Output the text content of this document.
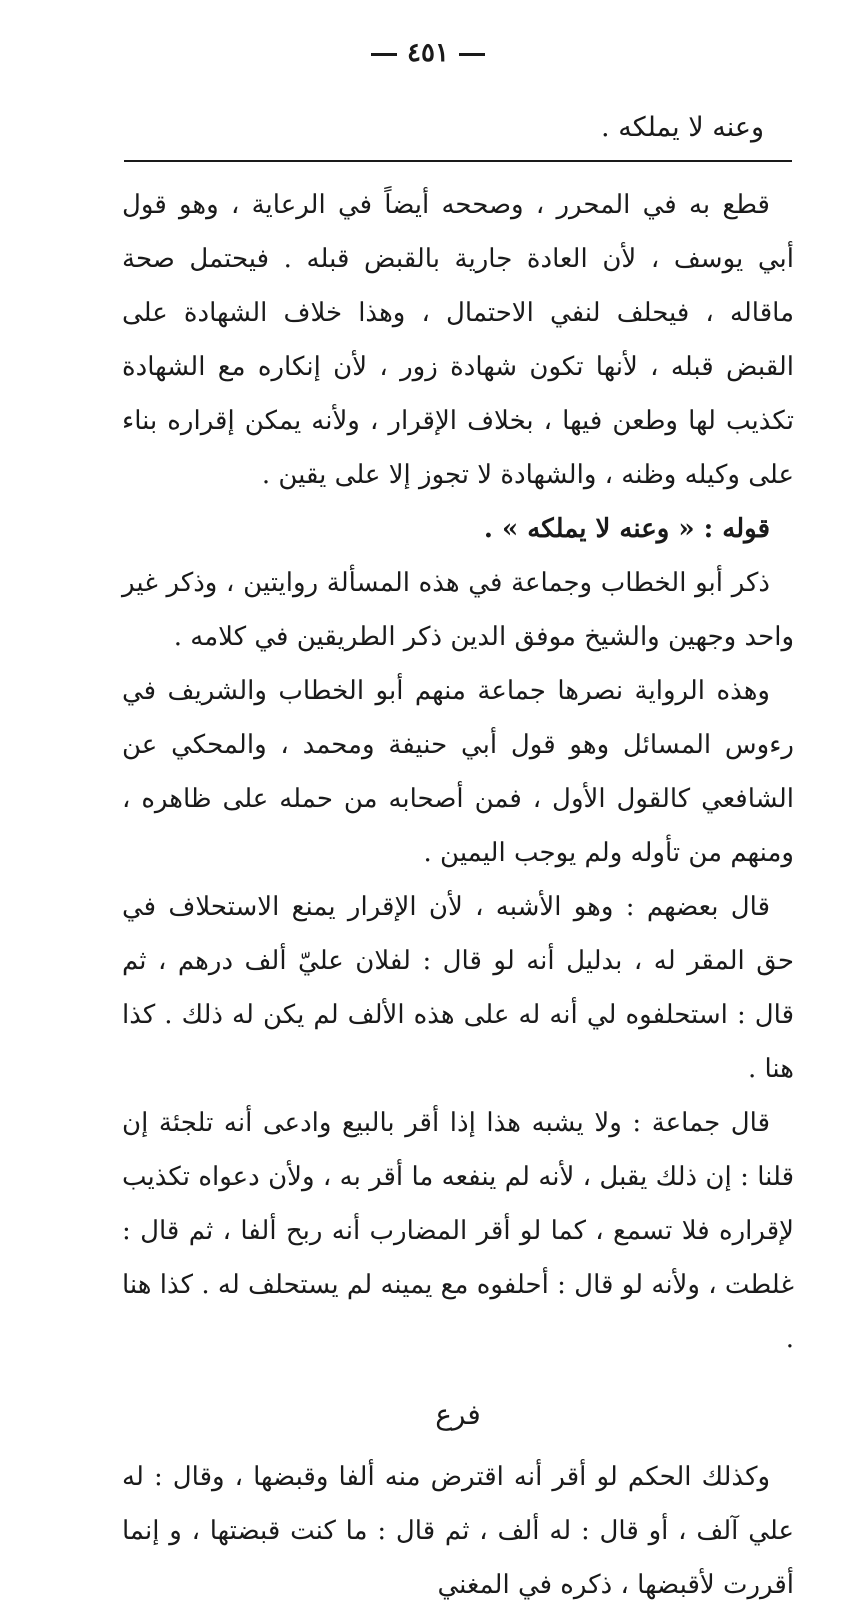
٤٥١
وعنه لا يملكه .

قطع به في المحرر ، وصححه أيضاً في الرعاية ، وهو قول أبي يوسف ، لأن العادة جارية بالقبض قبله . فيحتمل صحة ماقاله ، فيحلف لنفي الاحتمال ، وهذا خلاف الشهادة على القبض قبله ، لأنها تكون شهادة زور ، لأن إنكاره مع الشهادة تكذيب لها وطعن فيها ، بخلاف الإقرار ، ولأنه يمكن إقراره بناء على وكيله وظنه ، والشهادة لا تجوز إلا على يقين .

قوله : « وعنه لا يملكه » .

ذكر أبو الخطاب وجماعة في هذه المسألة روايتين ، وذكر غير واحد وجهين والشيخ موفق الدين ذكر الطريقين في كلامه .

وهذه الرواية نصرها جماعة منهم أبو الخطاب والشريف في رءوس المسائل وهو قول أبي حنيفة ومحمد ، والمحكي عن الشافعي كالقول الأول ، فمن أصحابه من حمله على ظاهره ، ومنهم من تأوله ولم يوجب اليمين .

قال بعضهم : وهو الأشبه ، لأن الإقرار يمنع الاستحلاف في حق المقر له ، بدليل أنه لو قال : لفلان عليّ ألف درهم ، ثم قال : استحلفوه لي أنه له على هذه الألف لم يكن له ذلك . كذا هنا .

قال جماعة : ولا يشبه هذا إذا أقر بالبيع وادعى أنه تلجئة إن قلنا : إن ذلك يقبل ، لأنه لم ينفعه ما أقر به ، ولأن دعواه تكذيب لإقراره فلا تسمع ، كما لو أقر المضارب أنه ربح ألفا ، ثم قال : غلطت ، ولأنه لو قال : أحلفوه مع يمينه لم يستحلف له . كذا هنا .

فرع

وكذلك الحكم لو أقر أنه اقترض منه ألفا وقبضها ، وقال : له علي آلف ، أو قال : له ألف ، ثم قال : ما كنت قبضتها ، و إنما أقررت لأقبضها ، ذكره في المغني
